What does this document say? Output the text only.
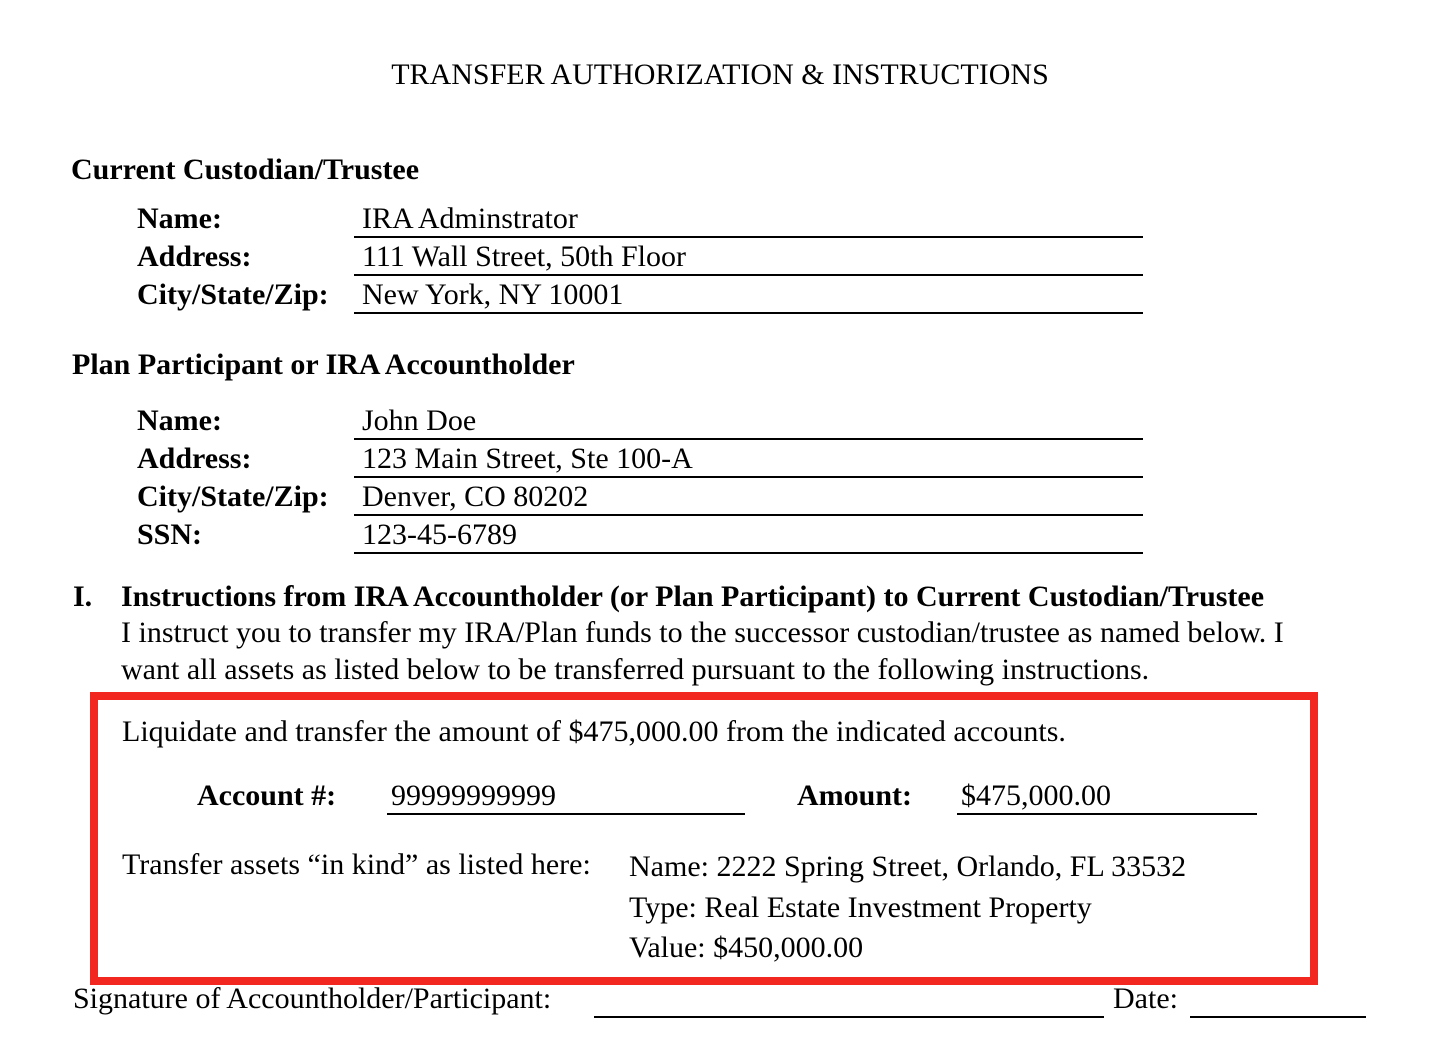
TRANSFER AUTHORIZATION & INSTRUCTIONS
Current Custodian/Trustee
Name:	IRA Adminstrator
Address:	111 Wall Street, 50th Floor
City/State/Zip: New York, NY 10001
Plan Participant or IRA Accountholder
Name:	John Doe
Address:	123 Main Street, Ste 100-A
City/State/Zip: Denver, CO 80202
SSN:	123-45-6789
I. Instructions from IRA Accountholder (or Plan Participant) to Current Custodian/Trustee
I instruct you to transfer my IRA/Plan funds to the successor custodian/trustee as named below. I
want all assets as listed below to be transferred pursuant to the following instructions.
Liquidate and transfer the amount of $475,000.00 from the indicated accounts.
Account #: 99999999999	Amount: $475,000.00
Transfer assets “in kind” as listed here: Name: 2222 Spring Street, Orlando, FL 33532
Type: Real Estate Investment Property
Value: $450,000.00
Signature of Accountholder/Participant:	Date:
